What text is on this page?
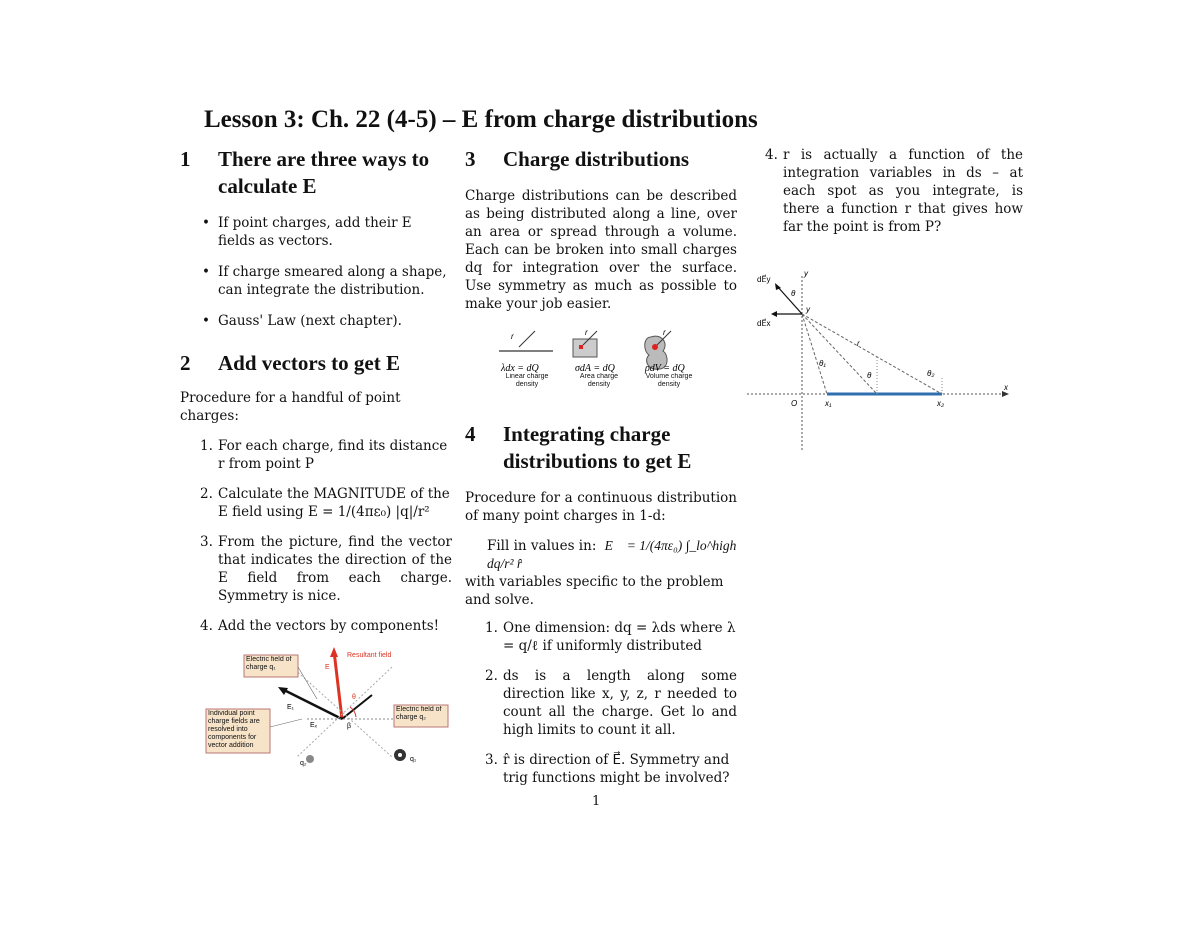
Lesson 3: Ch. 22 (4-5) – E from charge distributions
1	There are three ways to calculate E
• If point charges, add their E fields as vectors.
• If charge smeared along a shape, can integrate the distribution.
• Gauss' Law (next chapter).
2	Add vectors to get E
Procedure for a handful of point charges:
1. For each charge, find its distance r from point P
2. Calculate the MAGNITUDE of the E field using E = 1/(4πε₀) |q|/r²
3. From the picture, find the vector that indicates the direction of the E field from each charge. Symmetry is nice.
4. Add the vectors by components!
Resultant field
E
E₁
Eₓ	β
θ
q₂
q₁
Electric field of charge q₁
Electric field of charge q₂
Individual point charge fields are resolved into components for vector addition
3	Charge distributions
Charge distributions can be described as being distributed along a line, over an area or spread through a volume. Each can be broken into small charges dq for integration over the surface. Use symmetry as much as possible to make your job easier.
r	r	r
λdx = dQ	σdA = dQ	ρdV = dQ
Linear charge density
Area charge density
Volume charge density
4	Integrating charge distributions to get E
Procedure for a continuous distribution of many point charges in 1-d:
Fill in values in: E⃗ = 1/(4πε₀) ∫_lo^high dq/r² r̂
with variables specific to the problem and solve.
1. One dimension: dq = λds where λ = q/ℓ if uniformly distributed
2. ds is a length along some direction like x, y, z, r needed to count all the charge. Get lo and high limits to count it all.
3. r̂ is direction of E⃗. Symmetry and trig functions might be involved?
4. r is actually a function of the integration variables in ds – at each spot as you integrate, is there a function r that gives how far the point is from P?
y
x
O	x₁	x₂
r
θ
θ₁
θ₂
dE⃗y
dE⃗x
y
θ
1
